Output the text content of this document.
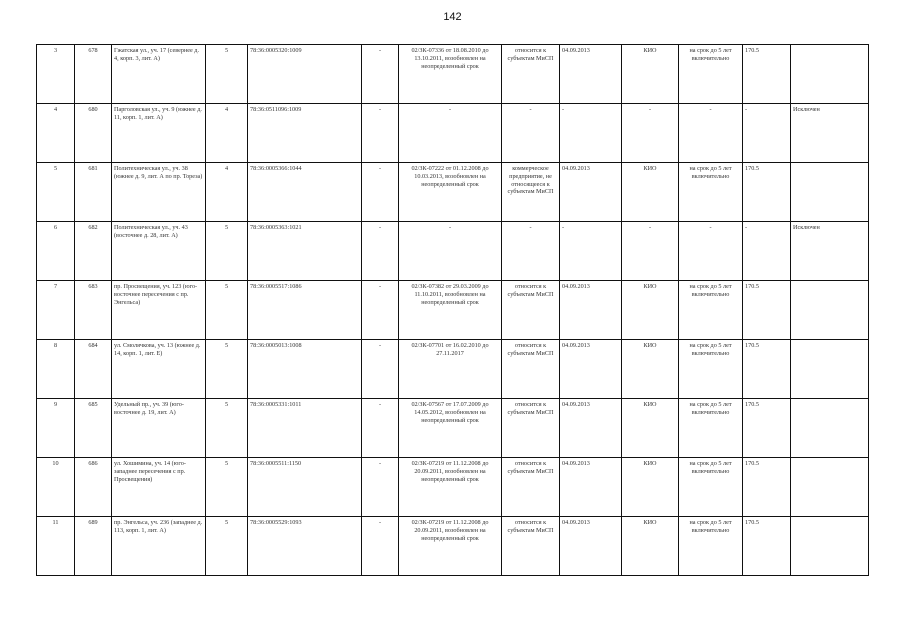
142
3	678	Гжатская ул., уч. 17 (севернее д. 4, корп. 3, лит. А)	5	78:36:0005320:1009	-	02/ЗК-07336 от 18.08.2010 до 13.10.2011, возобновлен на неопределенный срок	относится к субъектам МиСП	04.09.2013	КИО	на срок до 5 лет включительно	170.5	
4	680	Парголовская ул., уч. 9 (южнее д. 11, корп. 1, лит. А)	4	78:36:0511096:1009	-	-	-	-	-	-	-	Исключен
5	681	Политехническая ул., уч. 38 (южнее д. 9, лит. А по пр. Тореза)	4	78:36:0005366:1044	-	02/ЗК-07222 от 01.12.2008 до 10.03.2013, возобновлен на неопределенный срок	коммерческое предприятие, не относящееся к субъектам МиСП	04.09.2013	КИО	на срок до 5 лет включительно	170.5	
6	682	Политехническая ул., уч. 43 (восточнее д. 28, лит. А)	5	78:36:0005363:1021	-	-	-	-	-	-	-	Исключен
7	683	пр. Просвещения, уч. 123 (юго-восточнее пересечения с пр. Энгельса)	5	78:36:0005517:1086	-	02/ЗК-07382 от 29.03.2009 до 11.10.2011, возобновлен на неопределенный срок	относится к субъектам МиСП	04.09.2013	КИО	на срок до 5 лет включительно	170.5	
8	684	ул. Смолячкова, уч. 13 (южнее д. 14, корп. 1, лит. Е)	5	78:36:0005013:1008	-	02/ЗК-07701 от 16.02.2010 до 27.11.2017	относится к субъектам МиСП	04.09.2013	КИО	на срок до 5 лет включительно	170.5	
9	685	Удельный пр., уч. 39 (юго-восточнее д. 19, лит. А)	5	78:36:0005331:1011	-	02/ЗК-07567 от 17.07.2009 до 14.05.2012, возобновлен на неопределенный срок	относится к субъектам МиСП	04.09.2013	КИО	на срок до 5 лет включительно	170.5	
10	686	ул. Хошимина, уч. 14 (юго-западнее пересечения с пр. Просвещения)	5	78:36:0005511:1150	-	02/ЗК-07219 от 11.12.2008 до 20.09.2011, возобновлен на неопределенный срок	относится к субъектам МиСП	04.09.2013	КИО	на срок до 5 лет включительно	170.5	
11	689	пр. Энгельса, уч. 236 (западнее д. 113, корп. 1, лит. А)	5	78:36:0005529:1093	-	02/ЗК-07219 от 11.12.2008 до 20.09.2011, возобновлен на неопределенный срок	относится к субъектам МиСП	04.09.2013	КИО	на срок до 5 лет включительно	170.5	
